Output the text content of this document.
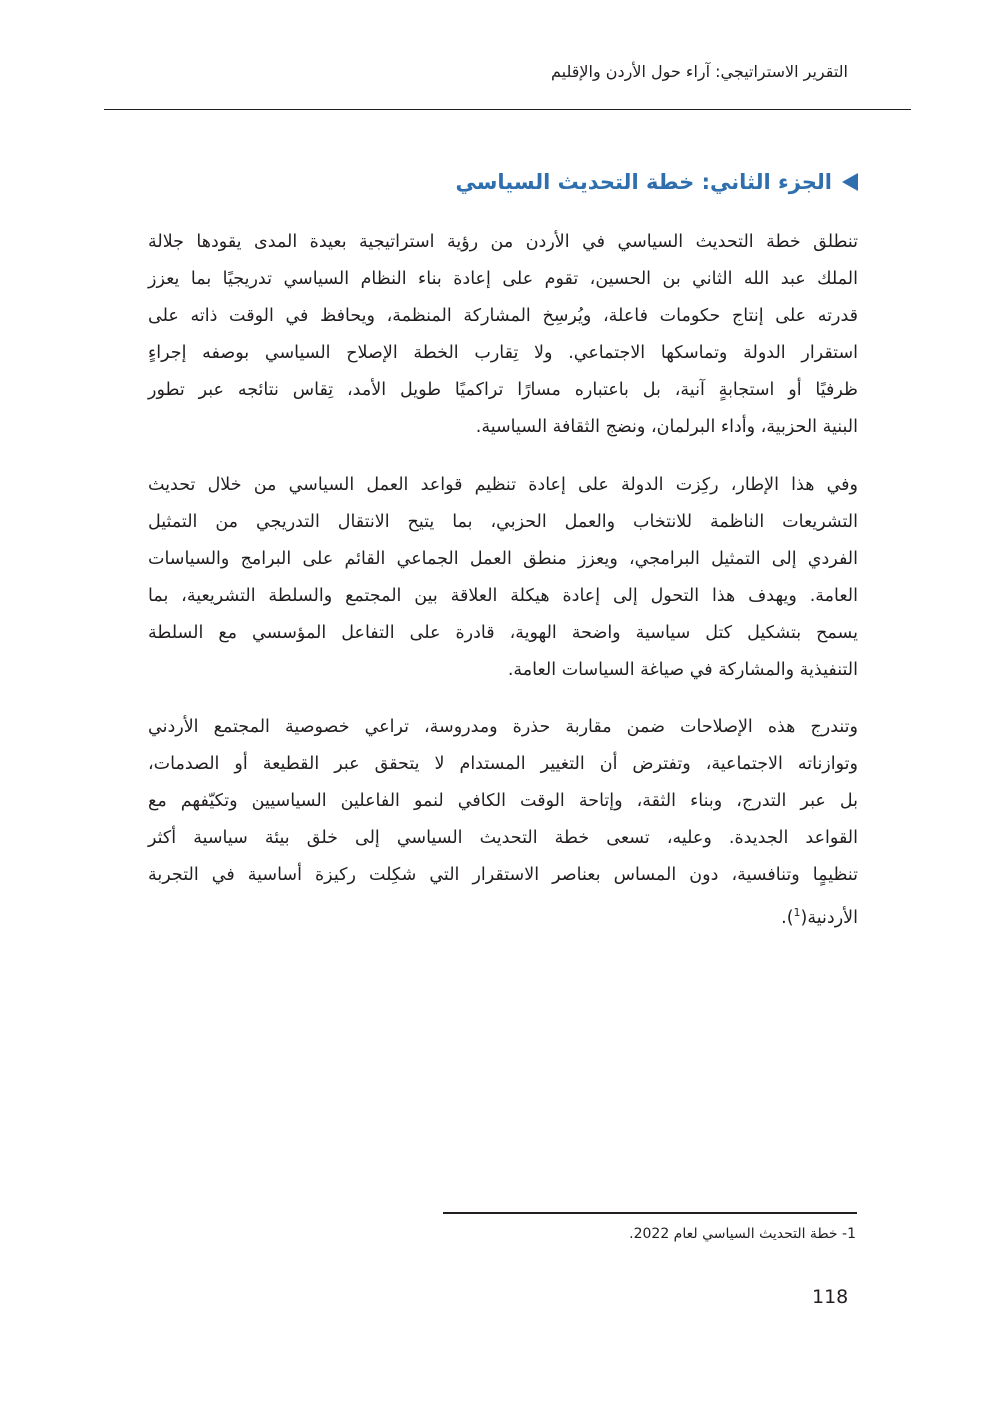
التقرير الاستراتيجي: آراء حول الأردن والإقليم
الجزء الثاني: خطة التحديث السياسي
تنطلق خطة التحديث السياسي في الأردن من رؤية استراتيجية بعيدة المدى يقودها جلالة
الملك عبد الله الثاني بن الحسين، تقوم على إعادة بناء النظام السياسي تدريجيًا بما يعزز
قدرته على إنتاج حكومات فاعلة، ويُرسِخ المشاركة المنظمة، ويحافظ في الوقت ذاته على
استقرار الدولة وتماسكها الاجتماعي. ولا تِقارب الخطة الإصلاح السياسي بوصفه إجراءٍ
ظرفيًا أو استجابةٍ آنية، بل باعتباره مسارًا تراكميًا طويل الأمد، تِقاس نتائجه عبر تطور
البنية الحزبية، وأداء البرلمان، ونضج الثقافة السياسية.
وفي هذا الإطار، ركِزت الدولة على إعادة تنظيم قواعد العمل السياسي من خلال تحديث
التشريعات الناظمة للانتخاب والعمل الحزبي، بما يتيح الانتقال التدريجي من التمثيل
الفردي إلى التمثيل البرامجي، ويعزز منطق العمل الجماعي القائم على البرامج والسياسات
العامة. ويهدف هذا التحول إلى إعادة هيكلة العلاقة بين المجتمع والسلطة التشريعية، بما
يسمح بتشكيل كتل سياسية واضحة الهوية، قادرة على التفاعل المؤسسي مع السلطة
التنفيذية والمشاركة في صياغة السياسات العامة.
وتندرج هذه الإصلاحات ضمن مقاربة حذرة ومدروسة، تراعي خصوصية المجتمع الأردني
وتوازناته الاجتماعية، وتفترض أن التغيير المستدام لا يتحقق عبر القطيعة أو الصدمات،
بل عبر التدرج، وبناء الثقة، وإتاحة الوقت الكافي لنمو الفاعلين السياسيين وتكيّفهم مع
القواعد الجديدة. وعليه، تسعى خطة التحديث السياسي إلى خلق بيئة سياسية أكثر
تنظيمٍا وتنافسية، دون المساس بعناصر الاستقرار التي شكِلت ركيزة أساسية في التجربة
الأردنية($^1$).
1- خطة التحديث السياسي لعام 2022.
118
